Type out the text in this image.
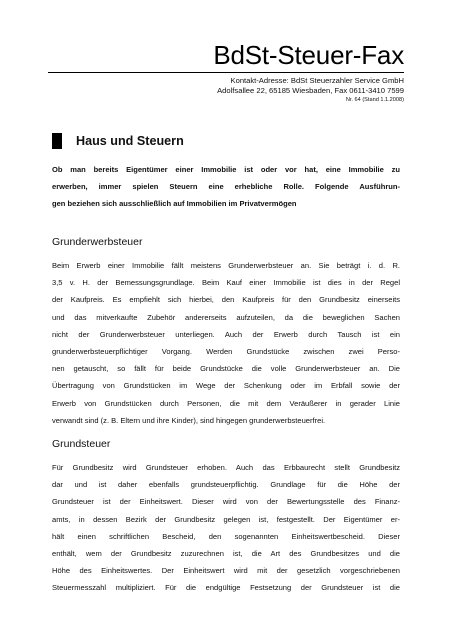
BdSt-Steuer-Fax
Kontakt-Adresse: BdSt Steuerzahler Service GmbH
Adolfsallee 22, 65185 Wiesbaden, Fax 0611-3410 7599
Nr. 64 (Stand 1.1.2008)
Haus und Steuern
Ob man bereits Eigentümer einer Immobilie ist oder vor hat, eine Immobilie zu
erwerben, immer spielen Steuern eine erhebliche Rolle. Folgende Ausführun-
gen beziehen sich ausschließlich auf Immobilien im Privatvermögen
Grunderwerbsteuer
Beim Erwerb einer Immobilie fällt meistens Grunderwerbsteuer an. Sie beträgt i. d. R.
3,5 v. H. der Bemessungsgrundlage. Beim Kauf einer Immobilie ist dies in der Regel
der Kaufpreis. Es empfiehlt sich hierbei, den Kaufpreis für den Grundbesitz einerseits
und das mitverkaufte Zubehör andererseits aufzuteilen, da die beweglichen Sachen
nicht der Grunderwerbsteuer unterliegen. Auch der Erwerb durch Tausch ist ein
grunderwerbsteuerpflichtiger Vorgang. Werden Grundstücke zwischen zwei Perso-
nen getauscht, so fällt für beide Grundstücke die volle Grunderwerbsteuer an. Die
Übertragung von Grundstücken im Wege der Schenkung oder im Erbfall sowie der
Erwerb von Grundstücken durch Personen, die mit dem Veräußerer in gerader Linie
verwandt sind (z. B. Eltern und ihre Kinder), sind hingegen grunderwerbsteuerfrei.
Grundsteuer
Für Grundbesitz wird Grundsteuer erhoben. Auch das Erbbaurecht stellt Grundbesitz
dar und ist daher ebenfalls grundsteuerpflichtig. Grundlage für die Höhe der
Grundsteuer ist der Einheitswert. Dieser wird von der Bewertungsstelle des Finanz-
amts, in dessen Bezirk der Grundbesitz gelegen ist, festgestellt. Der Eigentümer er-
hält einen schriftlichen Bescheid, den sogenannten Einheitswertbescheid. Dieser
enthält, wem der Grundbesitz zuzurechnen ist, die Art des Grundbesitzes und die
Höhe des Einheitswertes. Der Einheitswert wird mit der gesetzlich vorgeschriebenen
Steuermesszahl multipliziert. Für die endgültige Festsetzung der Grundsteuer ist die
